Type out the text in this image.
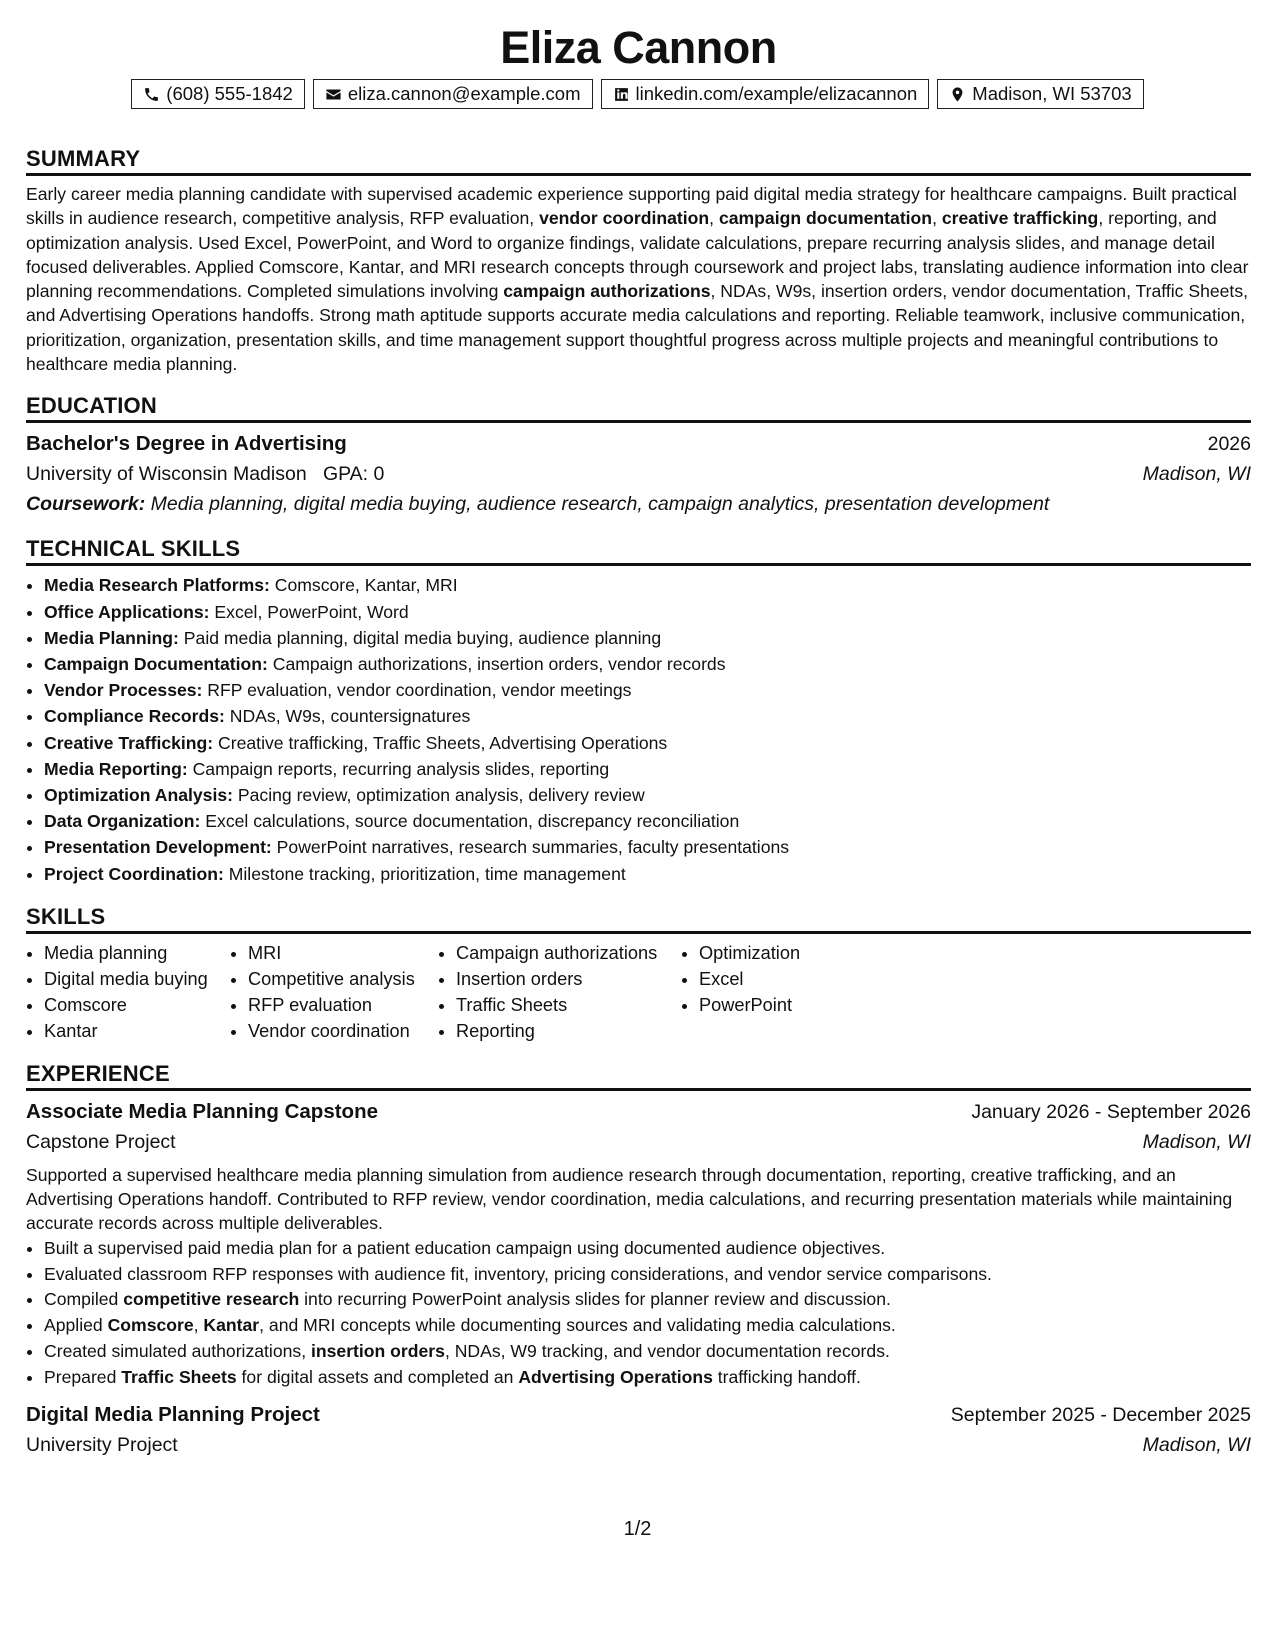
Eliza Cannon
(608) 555-1842	eliza.cannon@example.com	linkedin.com/example/elizacannon	Madison, WI 53703
SUMMARY

Early career media planning candidate with supervised academic experience supporting paid digital media strategy for healthcare campaigns. Built practical skills in audience research, competitive analysis, RFP evaluation, vendor coordination, campaign documentation, creative trafficking, reporting, and optimization analysis. Used Excel, PowerPoint, and Word to organize findings, validate calculations, prepare recurring analysis slides, and manage detail focused deliverables. Applied Comscore, Kantar, and MRI research concepts through coursework and project labs, translating audience information into clear planning recommendations. Completed simulations involving campaign authorizations, NDAs, W9s, insertion orders, vendor documentation, Traffic Sheets, and Advertising Operations handoffs. Strong math aptitude supports accurate media calculations and reporting. Reliable teamwork, inclusive communication, prioritization, organization, presentation skills, and time management support thoughtful progress across multiple projects and meaningful contributions to healthcare media planning.

EDUCATION
Bachelor's Degree in Advertising	2026
University of Wisconsin Madison GPA: 0	Madison, WI
Coursework: Media planning, digital media buying, audience research, campaign analytics, presentation development
TECHNICAL SKILLS
• Media Research Platforms: Comscore, Kantar, MRI
• Office Applications: Excel, PowerPoint, Word
• Media Planning: Paid media planning, digital media buying, audience planning
• Campaign Documentation: Campaign authorizations, insertion orders, vendor records
• Vendor Processes: RFP evaluation, vendor coordination, vendor meetings
• Compliance Records: NDAs, W9s, countersignatures
• Creative Trafficking: Creative trafficking, Traffic Sheets, Advertising Operations
• Media Reporting: Campaign reports, recurring analysis slides, reporting
• Optimization Analysis: Pacing review, optimization analysis, delivery review
• Data Organization: Excel calculations, source documentation, discrepancy reconciliation
• Presentation Development: PowerPoint narratives, research summaries, faculty presentations
• Project Coordination: Milestone tracking, prioritization, time management
SKILLS
• Media planning
• Digital media buying
• Comscore
• Kantar
• MRI
• Competitive analysis
• RFP evaluation
• Vendor coordination
• Campaign authorizations
• Insertion orders
• Traffic Sheets
• Reporting
• Optimization
• Excel
• PowerPoint
EXPERIENCE
Associate Media Planning Capstone	January 2026 - September 2026
Capstone Project	Madison, WI

Supported a supervised healthcare media planning simulation from audience research through documentation, reporting, creative trafficking, and an Advertising Operations handoff. Contributed to RFP review, vendor coordination, media calculations, and recurring presentation materials while maintaining accurate records across multiple deliverables.

• Built a supervised paid media plan for a patient education campaign using documented audience objectives.
• Evaluated classroom RFP responses with audience fit, inventory, pricing considerations, and vendor service comparisons.
• Compiled competitive research into recurring PowerPoint analysis slides for planner review and discussion.
• Applied Comscore, Kantar, and MRI concepts while documenting sources and validating media calculations.
• Created simulated authorizations, insertion orders, NDAs, W9 tracking, and vendor documentation records.
• Prepared Traffic Sheets for digital assets and completed an Advertising Operations trafficking handoff.
Digital Media Planning Project	September 2025 - December 2025
University Project	Madison, WI
1/2
